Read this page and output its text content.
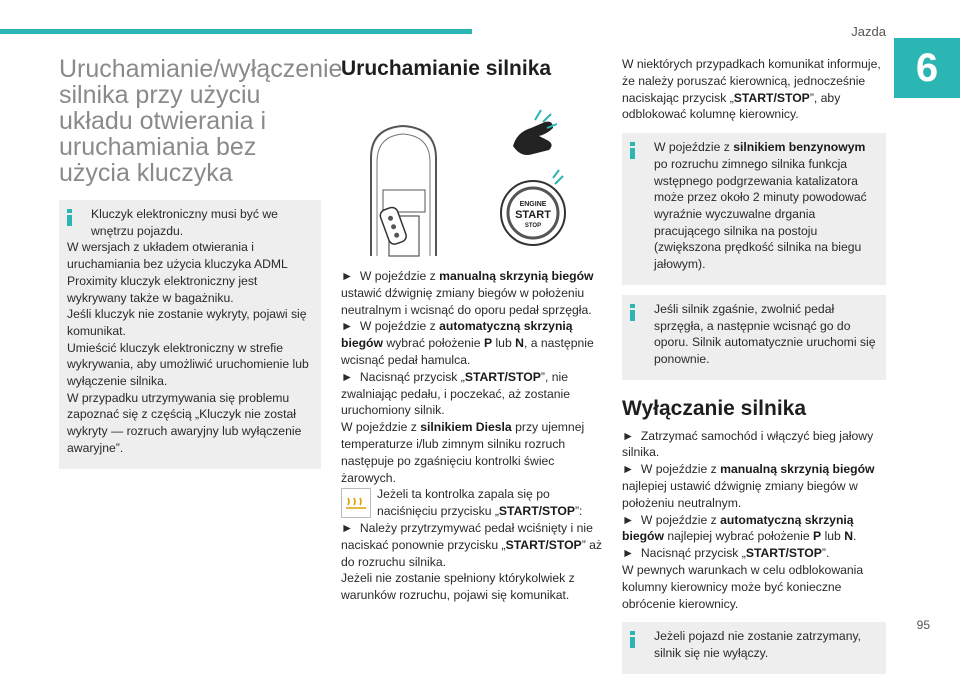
Jazda
6
95
Uruchamianie/wyłączenie silnika przy użyciu układu otwierania i uruchamiania bez użycia kluczyka

Kluczyk elektroniczny musi być we wnętrzu pojazdu.

W wersjach z układem otwierania i uruchamiania bez użycia kluczyka ADML Proximity kluczyk elektroniczny jest wykrywany także w bagażniku.

Jeśli kluczyk nie zostanie wykryty, pojawi się komunikat.

Umieścić kluczyk elektroniczny w strefie wykrywania, aby umożliwić uruchomienie lub wyłączenie silnika.

W przypadku utrzymywania się problemu zapoznać się z częścią „Kluczyk nie został wykryty — rozruch awaryjny lub wyłączenie awaryjne”.

Uruchamianie silnika
ENGINE
START
STOP

► W pojeździe z manualną skrzynią biegów ustawić dźwignię zmiany biegów w położeniu neutralnym i wcisnąć do oporu pedał sprzęgła.

► W pojeździe z automatyczną skrzynią biegów wybrać położenie P lub N, a następnie wcisnąć pedał hamulca.

► Nacisnąć przycisk „START/STOP”, nie zwalniając pedału, i poczekać, aż zostanie uruchomiony silnik.

W pojeździe z silnikiem Diesla przy ujemnej temperaturze i/lub zimnym silniku rozruch następuje po zgaśnięciu kontrolki świec żarowych.

Jeżeli ta kontrolka zapala się po naciśnięciu przycisku „START/STOP”:

► Należy przytrzymywać pedał wciśnięty i nie naciskać ponownie przycisku „START/STOP” aż do rozruchu silnika.

Jeżeli nie zostanie spełniony którykolwiek z warunków rozruchu, pojawi się komunikat.

W niektórych przypadkach komunikat informuje, że należy poruszać kierownicą, jednocześnie naciskając przycisk „START/STOP”, aby odblokować kolumnę kierownicy.

W pojeździe z silnikiem benzynowym po rozruchu zimnego silnika funkcja wstępnego podgrzewania katalizatora może przez około 2 minuty powodować wyraźnie wyczuwalne drgania pracującego silnika na postoju (zwiększona prędkość silnika na biegu jałowym).

Jeśli silnik zgaśnie, zwolnić pedał sprzęgła, a następnie wcisnąć go do oporu. Silnik automatycznie uruchomi się ponownie.

Wyłączanie silnika

► Zatrzymać samochód i włączyć bieg jałowy silnika.

► W pojeździe z manualną skrzynią biegów najlepiej ustawić dźwignię zmiany biegów w położeniu neutralnym.

► W pojeździe z automatyczną skrzynią biegów najlepiej wybrać położenie P lub N.

► Nacisnąć przycisk „START/STOP”.

W pewnych warunkach w celu odblokowania kolumny kierownicy może być konieczne obrócenie kierownicy.

Jeżeli pojazd nie zostanie zatrzymany, silnik się nie wyłączy.
